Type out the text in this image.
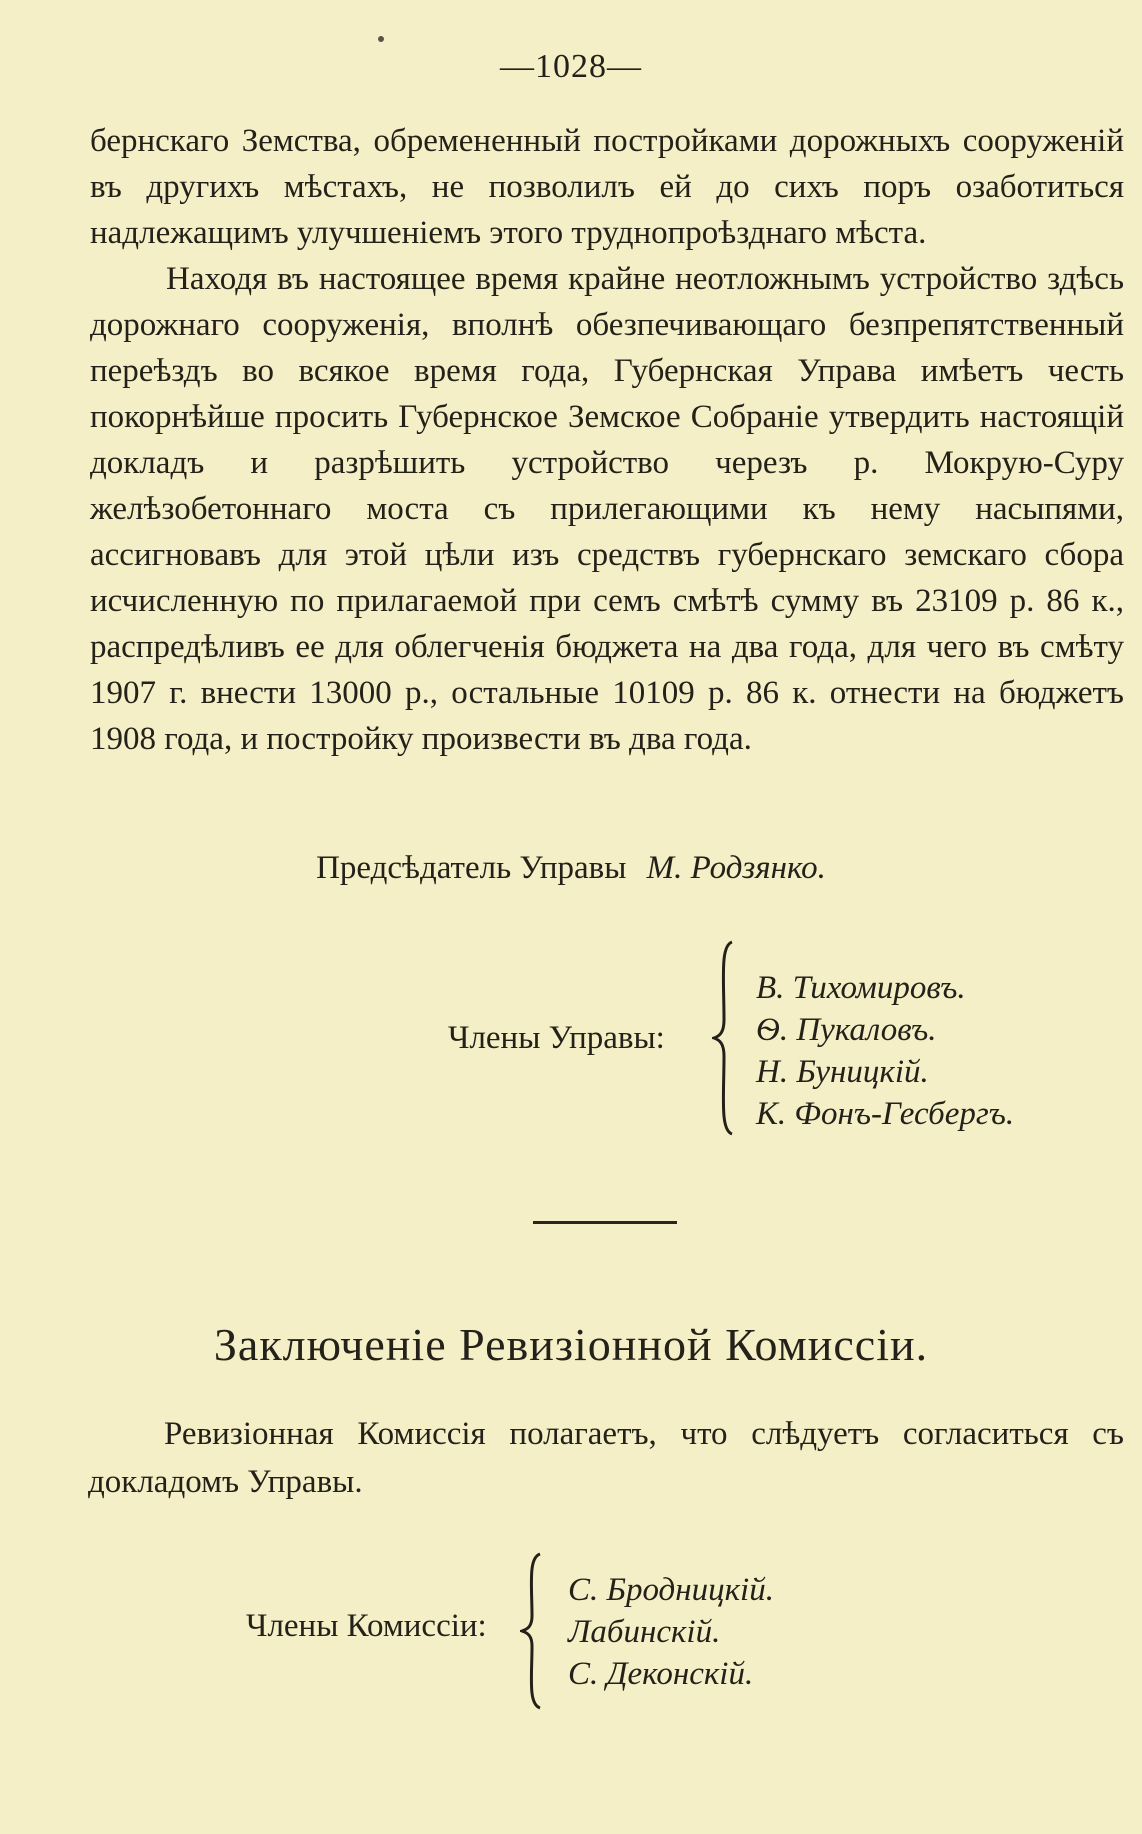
—1028—

бернскаго Земства, обремененный постройками дорожныхъ сооруженій въ другихъ мѣстахъ, не позволилъ ей до сихъ поръ озаботиться надлежащимъ улучшеніемъ этого труднопроѣзднаго мѣста.

Находя въ настоящее время крайне неотложнымъ устройство здѣсь дорожнаго сооруженія, вполнѣ обезпечивающаго безпрепятственный переѣздъ во всякое время года, Губернская Управа имѣетъ честь покорнѣйше просить Губернское Земское Собраніе утвердить настоящій докладъ и разрѣшить устройство черезъ р. Мокрую-Суру желѣзобетоннаго моста съ прилегающими къ нему насыпями, ассигновавъ для этой цѣли изъ средствъ губернскаго земскаго сбора исчисленную по прилагаемой при семъ смѣтѣ сумму въ 23109 р. 86 к., распредѣливъ ее для облегченія бюджета на два года, для чего въ смѣту 1907 г. внести 13000 р., остальные 10109 р. 86 к. отнести на бюджетъ 1908 года, и постройку произвести въ два года.

Предсѣдатель Управы М. Родзянко.
Члены Управы:
В. Тихомировъ.
Ѳ. Пукаловъ.
Н. Буницкій.
К. Фонъ-Гесбергъ.
Заключеніе Ревизіонной Комиссіи.

Ревизіонная Комиссія полагаетъ, что слѣдуетъ согласиться съ докладомъ Управы.

Члены Комиссіи:
С. Бродницкій.
Лабинскій.
С. Деконскій.
